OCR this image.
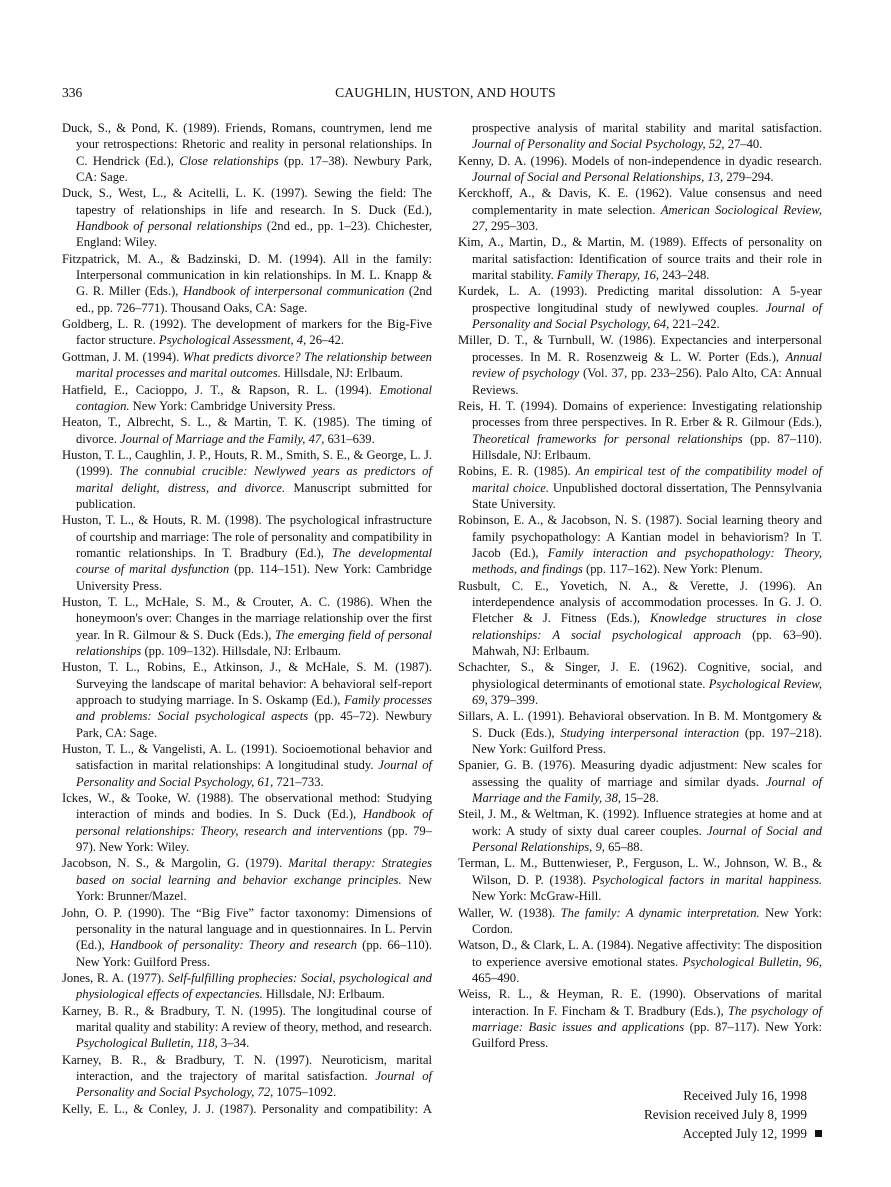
336	CAUGHLIN, HUSTON, AND HOUTS

Duck, S., & Pond, K. (1989). Friends, Romans, countrymen, lend me your retrospections: Rhetoric and reality in personal relationships. In C. Hendrick (Ed.), Close relationships (pp. 17–38). Newbury Park, CA: Sage.

Duck, S., West, L., & Acitelli, L. K. (1997). Sewing the field: The tapestry of relationships in life and research. In S. Duck (Ed.), Handbook of personal relationships (2nd ed., pp. 1–23). Chichester, England: Wiley.

Fitzpatrick, M. A., & Badzinski, D. M. (1994). All in the family: Interpersonal communication in kin relationships. In M. L. Knapp & G. R. Miller (Eds.), Handbook of interpersonal communication (2nd ed., pp. 726–771). Thousand Oaks, CA: Sage.

Goldberg, L. R. (1992). The development of markers for the Big-Five factor structure. Psychological Assessment, 4, 26–42.

Gottman, J. M. (1994). What predicts divorce? The relationship between marital processes and marital outcomes. Hillsdale, NJ: Erlbaum.

Hatfield, E., Cacioppo, J. T., & Rapson, R. L. (1994). Emotional contagion. New York: Cambridge University Press.

Heaton, T., Albrecht, S. L., & Martin, T. K. (1985). The timing of divorce. Journal of Marriage and the Family, 47, 631–639.

Huston, T. L., Caughlin, J. P., Houts, R. M., Smith, S. E., & George, L. J. (1999). The connubial crucible: Newlywed years as predictors of marital delight, distress, and divorce. Manuscript submitted for publication.

Huston, T. L., & Houts, R. M. (1998). The psychological infrastructure of courtship and marriage: The role of personality and compatibility in romantic relationships. In T. Bradbury (Ed.), The developmental course of marital dysfunction (pp. 114–151). New York: Cambridge University Press.

Huston, T. L., McHale, S. M., & Crouter, A. C. (1986). When the honeymoon's over: Changes in the marriage relationship over the first year. In R. Gilmour & S. Duck (Eds.), The emerging field of personal relationships (pp. 109–132). Hillsdale, NJ: Erlbaum.

Huston, T. L., Robins, E., Atkinson, J., & McHale, S. M. (1987). Surveying the landscape of marital behavior: A behavioral self-report approach to studying marriage. In S. Oskamp (Ed.), Family processes and problems: Social psychological aspects (pp. 45–72). Newbury Park, CA: Sage.

Huston, T. L., & Vangelisti, A. L. (1991). Socioemotional behavior and satisfaction in marital relationships: A longitudinal study. Journal of Personality and Social Psychology, 61, 721–733.

Ickes, W., & Tooke, W. (1988). The observational method: Studying interaction of minds and bodies. In S. Duck (Ed.), Handbook of personal relationships: Theory, research and interventions (pp. 79–97). New York: Wiley.

Jacobson, N. S., & Margolin, G. (1979). Marital therapy: Strategies based on social learning and behavior exchange principles. New York: Brunner/Mazel.

John, O. P. (1990). The “Big Five” factor taxonomy: Dimensions of personality in the natural language and in questionnaires. In L. Pervin (Ed.), Handbook of personality: Theory and research (pp. 66–110). New York: Guilford Press.

Jones, R. A. (1977). Self-fulfilling prophecies: Social, psychological and physiological effects of expectancies. Hillsdale, NJ: Erlbaum.

Karney, B. R., & Bradbury, T. N. (1995). The longitudinal course of marital quality and stability: A review of theory, method, and research. Psychological Bulletin, 118, 3–34.

Karney, B. R., & Bradbury, T. N. (1997). Neuroticism, marital interaction, and the trajectory of marital satisfaction. Journal of Personality and Social Psychology, 72, 1075–1092.

Kelly, E. L., & Conley, J. J. (1987). Personality and compatibility: A

prospective analysis of marital stability and marital satisfaction. Journal of Personality and Social Psychology, 52, 27–40.

Kenny, D. A. (1996). Models of non-independence in dyadic research. Journal of Social and Personal Relationships, 13, 279–294.

Kerckhoff, A., & Davis, K. E. (1962). Value consensus and need complementarity in mate selection. American Sociological Review, 27, 295–303.

Kim, A., Martin, D., & Martin, M. (1989). Effects of personality on marital satisfaction: Identification of source traits and their role in marital stability. Family Therapy, 16, 243–248.

Kurdek, L. A. (1993). Predicting marital dissolution: A 5-year prospective longitudinal study of newlywed couples. Journal of Personality and Social Psychology, 64, 221–242.

Miller, D. T., & Turnbull, W. (1986). Expectancies and interpersonal processes. In M. R. Rosenzweig & L. W. Porter (Eds.), Annual review of psychology (Vol. 37, pp. 233–256). Palo Alto, CA: Annual Reviews.

Reis, H. T. (1994). Domains of experience: Investigating relationship processes from three perspectives. In R. Erber & R. Gilmour (Eds.), Theoretical frameworks for personal relationships (pp. 87–110). Hillsdale, NJ: Erlbaum.

Robins, E. R. (1985). An empirical test of the compatibility model of marital choice. Unpublished doctoral dissertation, The Pennsylvania State University.

Robinson, E. A., & Jacobson, N. S. (1987). Social learning theory and family psychopathology: A Kantian model in behaviorism? In T. Jacob (Ed.), Family interaction and psychopathology: Theory, methods, and findings (pp. 117–162). New York: Plenum.

Rusbult, C. E., Yovetich, N. A., & Verette, J. (1996). An interdependence analysis of accommodation processes. In G. J. O. Fletcher & J. Fitness (Eds.), Knowledge structures in close relationships: A social psychological approach (pp. 63–90). Mahwah, NJ: Erlbaum.

Schachter, S., & Singer, J. E. (1962). Cognitive, social, and physiological determinants of emotional state. Psychological Review, 69, 379–399.

Sillars, A. L. (1991). Behavioral observation. In B. M. Montgomery & S. Duck (Eds.), Studying interpersonal interaction (pp. 197–218). New York: Guilford Press.

Spanier, G. B. (1976). Measuring dyadic adjustment: New scales for assessing the quality of marriage and similar dyads. Journal of Marriage and the Family, 38, 15–28.

Steil, J. M., & Weltman, K. (1992). Influence strategies at home and at work: A study of sixty dual career couples. Journal of Social and Personal Relationships, 9, 65–88.

Terman, L. M., Buttenwieser, P., Ferguson, L. W., Johnson, W. B., & Wilson, D. P. (1938). Psychological factors in marital happiness. New York: McGraw-Hill.

Waller, W. (1938). The family: A dynamic interpretation. New York: Cordon.

Watson, D., & Clark, L. A. (1984). Negative affectivity: The disposition to experience aversive emotional states. Psychological Bulletin, 96, 465–490.

Weiss, R. L., & Heyman, R. E. (1990). Observations of marital interaction. In F. Fincham & T. Bradbury (Eds.), The psychology of marriage: Basic issues and applications (pp. 87–117). New York: Guilford Press.

Received July 16, 1998
Revision received July 8, 1999
Accepted July 12, 1999
